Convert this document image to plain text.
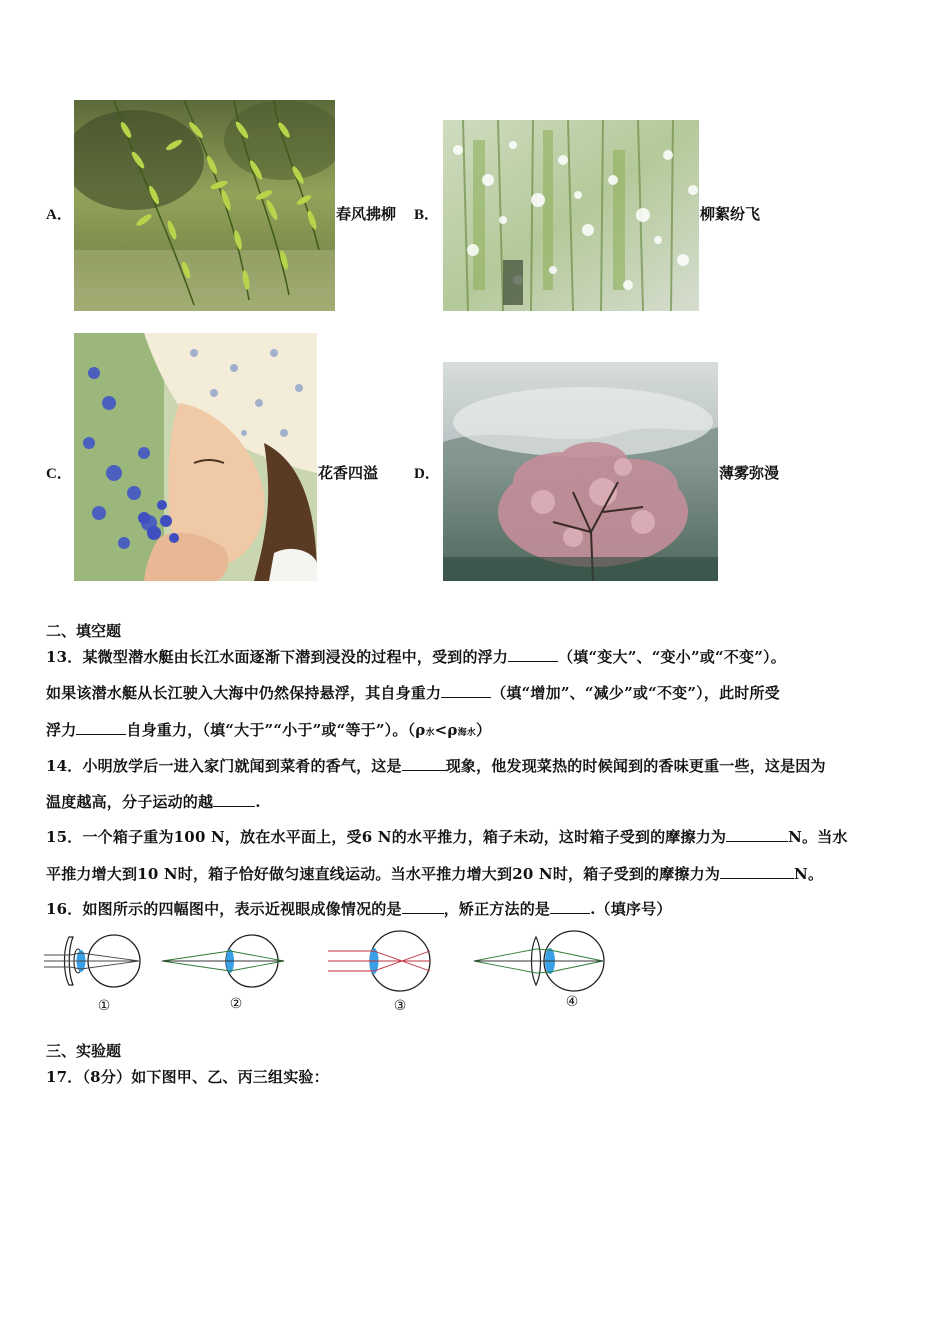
A．	春风拂柳 B．	柳絮纷飞
C．	花香四溢 D．	薄雾弥漫
二、填空题
13．某微型潜水艇由长江水面逐渐下潜到浸没的过程中，受到的浮力	（填“变大”、“变小”或“不变”）。
如果该潜水艇从长江驶入大海中仍然保持悬浮，其自身重力	（填“增加”、“减少”或“不变”），此时所受
浮力	自身重力，（填“大于”“小于”或“等于”）。（ρ水<ρ海水）
14．小明放学后一进入家门就闻到菜肴的香气，这是	现象，他发现菜热的时候闻到的香味更重一些，这是因为
温度越高，分子运动的越	.
15．一个箱子重为100 N，放在水平面上，受6 N的水平推力，箱子未动，这时箱子受到的摩擦力为	N。当水
平推力增大到10 N时，箱子恰好做匀速直线运动。当水平推力增大到20 N时，箱子受到的摩擦力为	N。
16．如图所示的四幅图中，表示近视眼成像情况的是	，矫正方法的是	.（填序号）
①	②	③	④
三、实验题
17．（8分）如下图甲、乙、丙三组实验：
